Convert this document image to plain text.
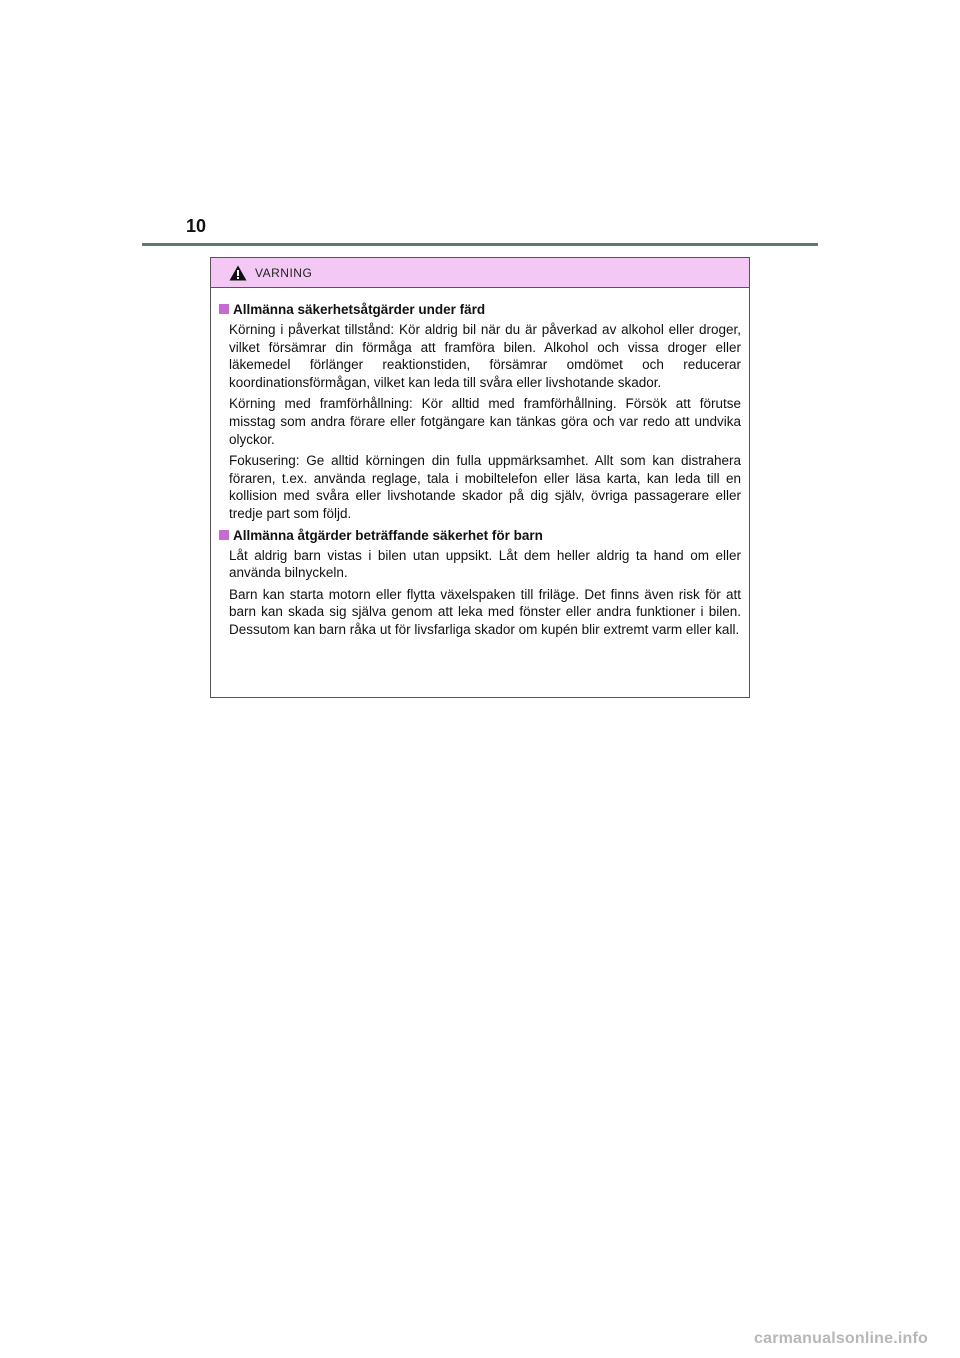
10
VARNING
Allmänna säkerhetsåtgärder under färd

Körning i påverkat tillstånd: Kör aldrig bil när du är påverkad av alkohol eller droger, vilket försämrar din förmåga att framföra bilen. Alkohol och vissa droger eller läkemedel förlänger reaktionstiden, försämrar omdömet och reducerar koordinationsförmågan, vilket kan leda till svåra eller livshotande skador.

Körning med framförhållning: Kör alltid med framförhållning. Försök att förutse misstag som andra förare eller fotgängare kan tänkas göra och var redo att undvika olyckor.

Fokusering: Ge alltid körningen din fulla uppmärksamhet. Allt som kan distrahera föraren, t.ex. använda reglage, tala i mobiltelefon eller läsa karta, kan leda till en kollision med svåra eller livshotande skador på dig själv, övriga passagerare eller tredje part som följd.

Allmänna åtgärder beträffande säkerhet för barn

Låt aldrig barn vistas i bilen utan uppsikt. Låt dem heller aldrig ta hand om eller använda bilnyckeln.

Barn kan starta motorn eller flytta växelspaken till friläge. Det finns även risk för att barn kan skada sig själva genom att leka med fönster eller andra funktioner i bilen. Dessutom kan barn råka ut för livsfarliga skador om kupén blir extremt varm eller kall.

carmanualsonline.info
